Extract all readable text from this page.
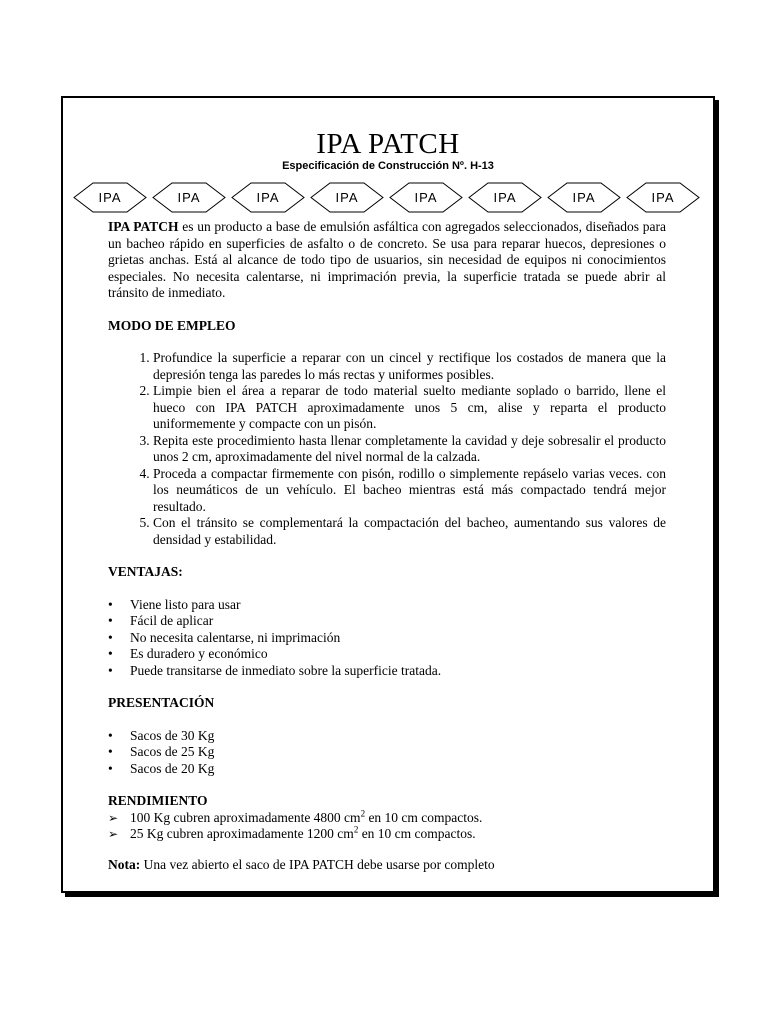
IPA PATCH
Especificación de Construcción Nº. H-13
IPA	IPA	IPA	IPA	IPA	IPA	IPA	IPA

IPA PATCH es un producto a base de emulsión asfáltica con agregados seleccionados, diseñados para un bacheo rápido en superficies de asfalto o de concreto. Se usa para reparar huecos, depresiones o grietas anchas. Está al alcance de todo tipo de usuarios, sin necesidad de equipos ni conocimientos especiales. No necesita calentarse, ni imprimación previa, la superficie tratada se puede abrir al tránsito de inmediato.

MODO DE EMPLEO

1. Profundice la superficie a reparar con un cincel y rectifique los costados de manera que la depresión tenga las paredes lo más rectas y uniformes posibles.
2. Limpie bien el área a reparar de todo material suelto mediante soplado o barrido, llene el hueco con IPA PATCH aproximadamente unos 5 cm, alise y reparta el producto uniformemente y compacte con un pisón.
3. Repita este procedimiento hasta llenar completamente la cavidad y deje sobresalir el producto unos 2 cm, aproximadamente del nivel normal de la calzada.
4. Proceda a compactar firmemente con pisón, rodillo o simplemente repáselo varias veces. con los neumáticos de un vehículo. El bacheo mientras está más compactado tendrá mejor resultado.
5. Con el tránsito se complementará la compactación del bacheo, aumentando sus valores de densidad y estabilidad.

VENTAJAS:

• Viene listo para usar
• Fácil de aplicar
• No necesita calentarse, ni imprimación
• Es duradero y económico
• Puede transitarse de inmediato sobre la superficie tratada.

PRESENTACIÓN

• Sacos de 30 Kg
• Sacos de 25 Kg
• Sacos de 20 Kg

RENDIMIENTO

➢ 100 Kg cubren aproximadamente 4800 $cm^2$ en 10 cm compactos.
➢ 25 Kg cubren aproximadamente 1200 $cm^2$ en 10 cm compactos.

Nota: Una vez abierto el saco de IPA PATCH debe usarse por completo
